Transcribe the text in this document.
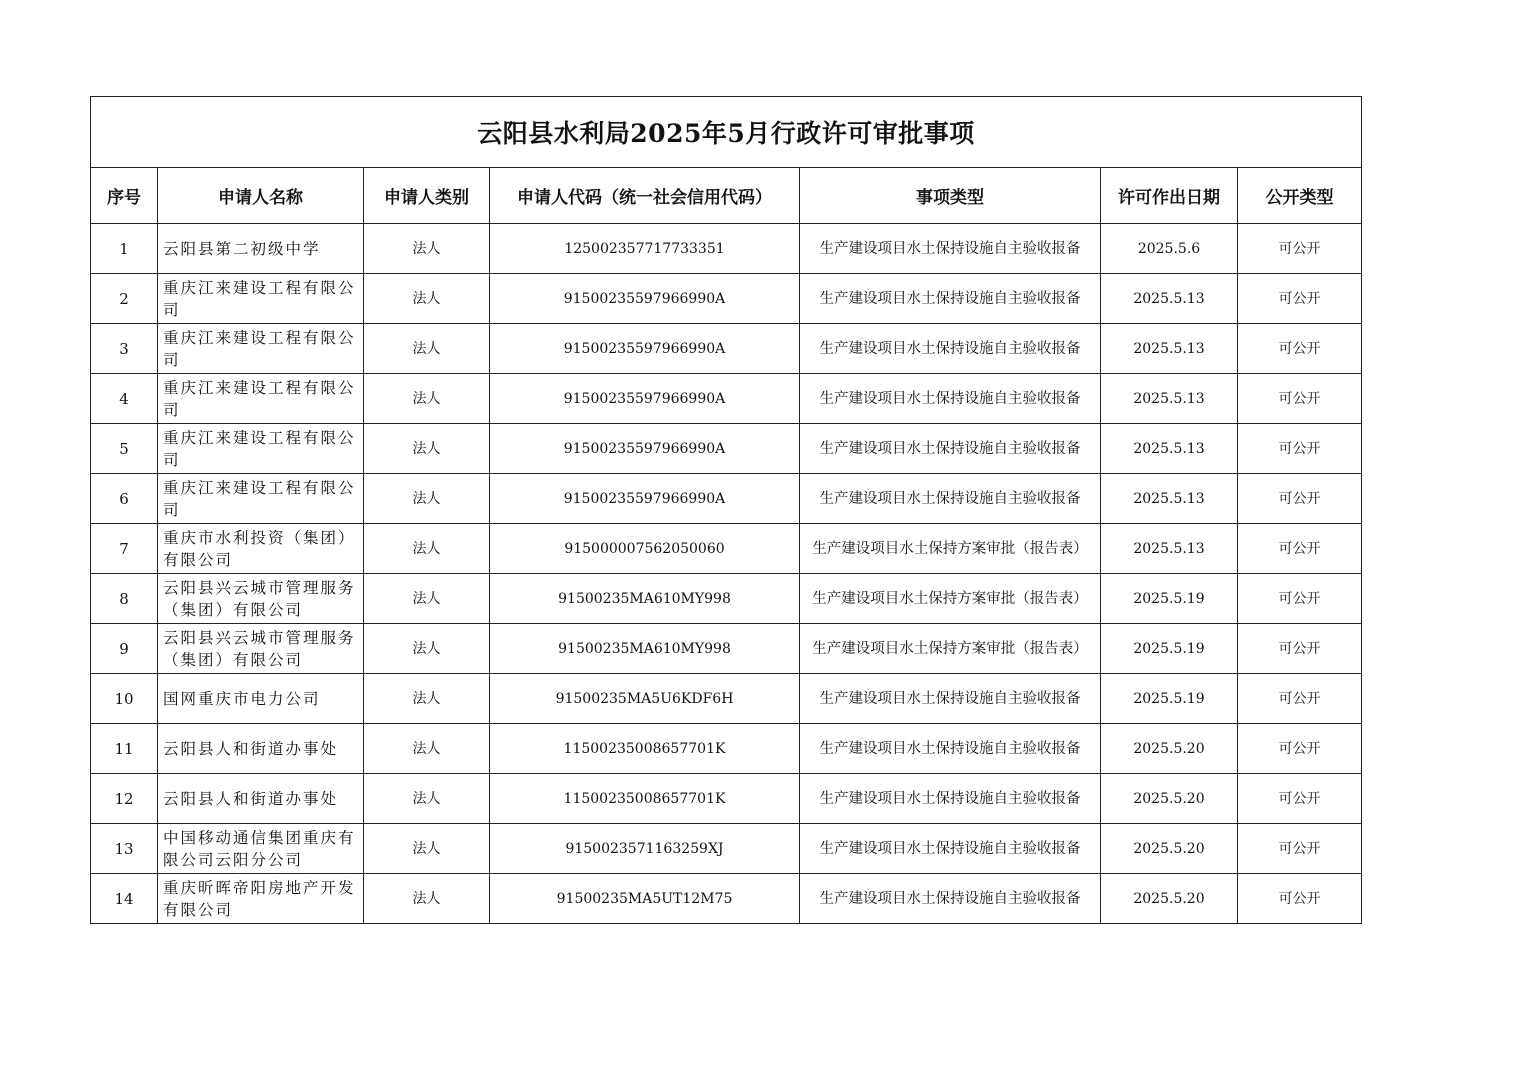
云阳县水利局2025年5月行政许可审批事项						
序号	申请人名称	申请人类别	申请人代码（统一社会信用代码）	事项类型	许可作出日期	公开类型
1	云阳县第二初级中学	法人	125002357717733351	生产建设项目水土保持设施自主验收报备	2025.5.6	可公开
2	重庆江来建设工程有限公司	法人	91500235597966990A	生产建设项目水土保持设施自主验收报备	2025.5.13	可公开
3	重庆江来建设工程有限公司	法人	91500235597966990A	生产建设项目水土保持设施自主验收报备	2025.5.13	可公开
4	重庆江来建设工程有限公司	法人	91500235597966990A	生产建设项目水土保持设施自主验收报备	2025.5.13	可公开
5	重庆江来建设工程有限公司	法人	91500235597966990A	生产建设项目水土保持设施自主验收报备	2025.5.13	可公开
6	重庆江来建设工程有限公司	法人	91500235597966990A	生产建设项目水土保持设施自主验收报备	2025.5.13	可公开
7	重庆市水利投资（集团）有限公司	法人	915000007562050060	生产建设项目水土保持方案审批（报告表）	2025.5.13	可公开
8	云阳县兴云城市管理服务（集团）有限公司	法人	91500235MA610MY998	生产建设项目水土保持方案审批（报告表）	2025.5.19	可公开
9	云阳县兴云城市管理服务（集团）有限公司	法人	91500235MA610MY998	生产建设项目水土保持方案审批（报告表）	2025.5.19	可公开
10	国网重庆市电力公司	法人	91500235MA5U6KDF6H	生产建设项目水土保持设施自主验收报备	2025.5.19	可公开
11	云阳县人和街道办事处	法人	11500235008657701K	生产建设项目水土保持设施自主验收报备	2025.5.20	可公开
12	云阳县人和街道办事处	法人	11500235008657701K	生产建设项目水土保持设施自主验收报备	2025.5.20	可公开
13	中国移动通信集团重庆有限公司云阳分公司	法人	9150023571163259XJ	生产建设项目水土保持设施自主验收报备	2025.5.20	可公开
14	重庆昕晖帝阳房地产开发有限公司	法人	91500235MA5UT12M75	生产建设项目水土保持设施自主验收报备	2025.5.20	可公开
